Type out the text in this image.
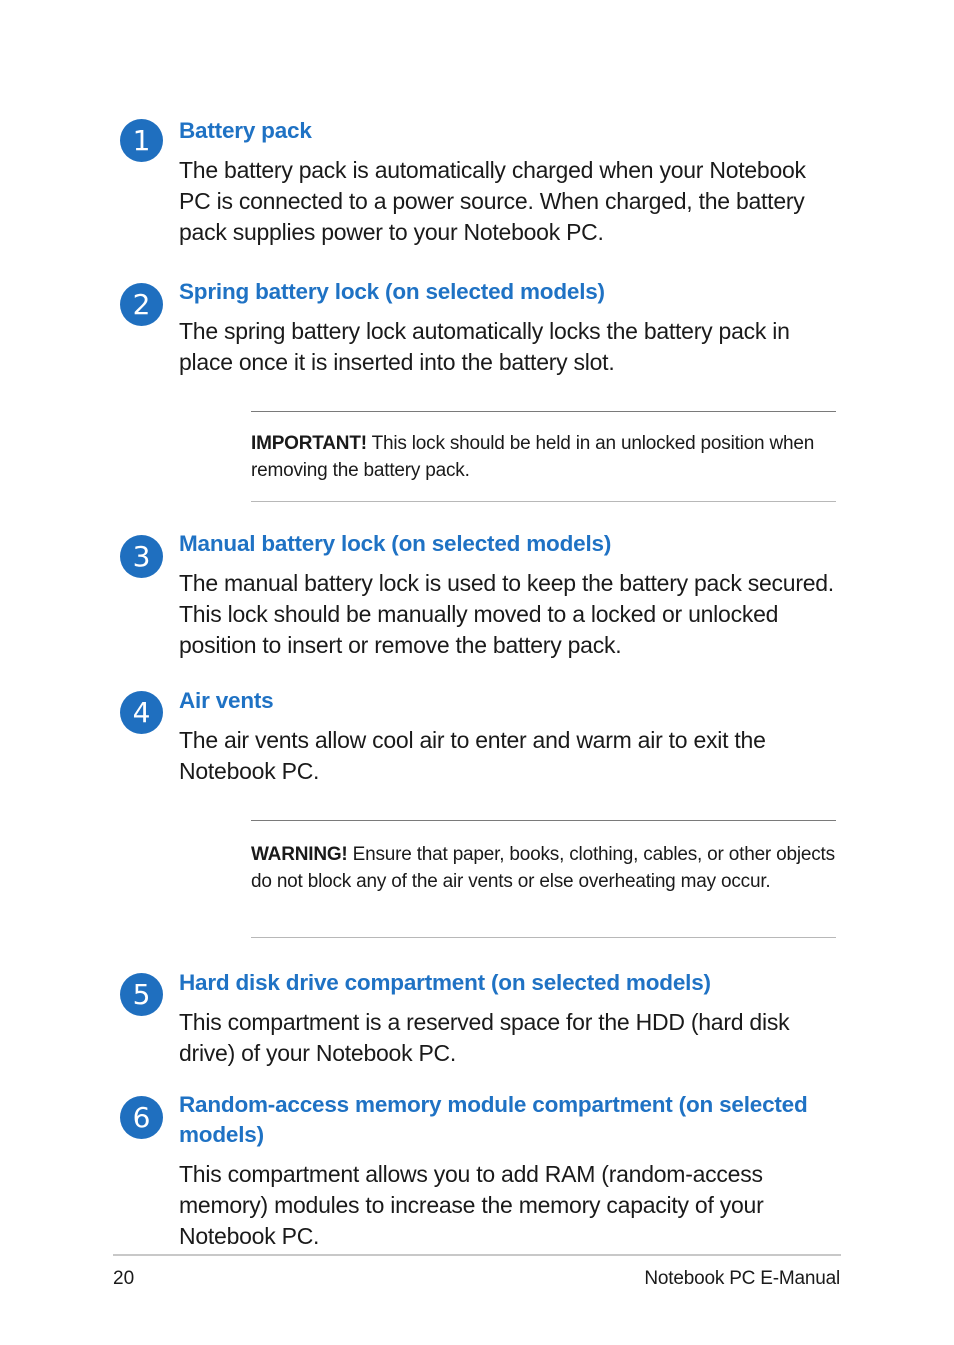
1	Battery pack
The battery pack is automatically charged when your Notebook PC is connected to a power source. When charged, the battery pack supplies power to your Notebook PC.
2	Spring battery lock (on selected models)
The spring battery lock automatically locks the battery pack in place once it is inserted into the battery slot.
IMPORTANT! This lock should be held in an unlocked position when removing the battery pack.
3	Manual battery lock (on selected models)
The manual battery lock is used to keep the battery pack secured. This lock should be manually moved to a locked or unlocked position to insert or remove the battery pack.
4	Air vents
The air vents allow cool air to enter and warm air to exit the Notebook PC.
WARNING! Ensure that paper, books, clothing, cables, or other objects do not block any of the air vents or else overheating may occur.
5	Hard disk drive compartment (on selected models)
This compartment is a reserved space for the HDD (hard disk drive) of your Notebook PC.
6	Random-access memory module compartment (on selected models)
This compartment allows you to add RAM (random-access memory) modules to increase the memory capacity of your Notebook PC.
20	Notebook PC E-Manual
